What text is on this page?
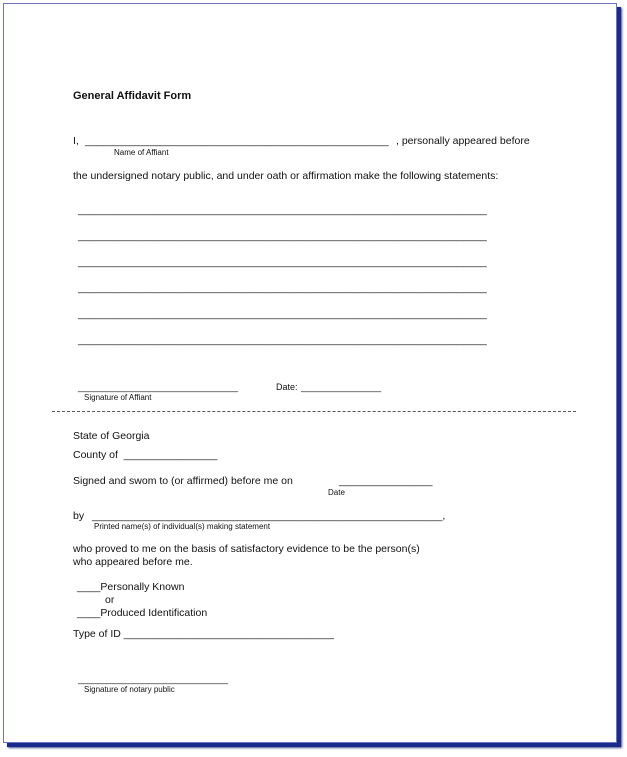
General Affidavit Form
I, ____________________________________________________ , personally appeared before
Name of Affiant
the undersigned notary public, and under oath or affirmation make the following statements:
______________________________________________________________________
______________________________________________________________________
______________________________________________________________________
______________________________________________________________________
______________________________________________________________________
______________________________________________________________________
________________________________	Date: ________________
Signature of Affiant
State of Georgia
County of  ________________
Signed and swom to (or affirmed) before me on	________________
Date
by ____________________________________________________________,
Printed name(s) of individual(s) making statement
who proved to me on the basis of satisfactory evidence to be the person(s)
who appeared before me.
____Personally Known
or
____Produced Identification
Type of ID ____________________________________
______________________________
Signature of notary public
